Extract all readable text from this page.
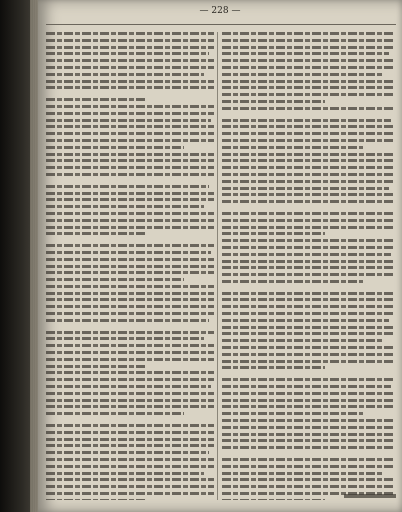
— 228 —
